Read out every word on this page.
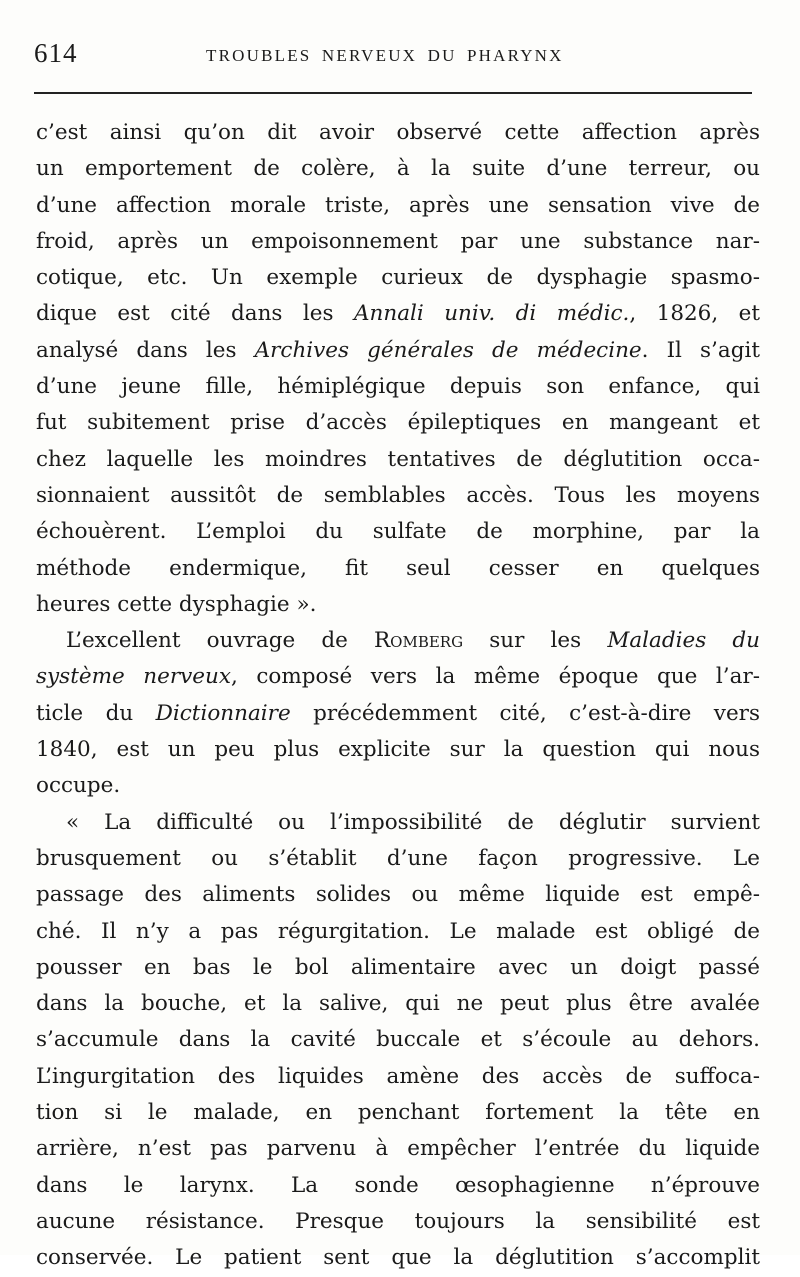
614	TROUBLES NERVEUX DU PHARYNX
c’est ainsi qu’on dit avoir observé cette affection après
un emportement de colère, à la suite d’une terreur, ou
d’une affection morale triste, après une sensation vive de
froid, après un empoisonnement par une substance nar-
cotique, etc. Un exemple curieux de dysphagie spasmo-
dique est cité dans les Annali univ. di médic., 1826, et
analysé dans les Archives générales de médecine. Il s’agit
d’une jeune fille, hémiplégique depuis son enfance, qui
fut subitement prise d’accès épileptiques en mangeant et
chez laquelle les moindres tentatives de déglutition occa-
sionnaient aussitôt de semblables accès. Tous les moyens
échouèrent. L’emploi du sulfate de morphine, par la
méthode endermique, fit seul cesser en quelques
heures cette dysphagie ».
L’excellent ouvrage de Romberg sur les Maladies du
système nerveux, composé vers la même époque que l’ar-
ticle du Dictionnaire précédemment cité, c’est-à-dire vers
1840, est un peu plus explicite sur la question qui nous
occupe.
« La difficulté ou l’impossibilité de déglutir survient
brusquement ou s’établit d’une façon progressive. Le
passage des aliments solides ou même liquide est empê-
ché. Il n’y a pas régurgitation. Le malade est obligé de
pousser en bas le bol alimentaire avec un doigt passé
dans la bouche, et la salive, qui ne peut plus être avalée
s’accumule dans la cavité buccale et s’écoule au dehors.
L’ingurgitation des liquides amène des accès de suffoca-
tion si le malade, en penchant fortement la tête en
arrière, n’est pas parvenu à empêcher l’entrée du liquide
dans le larynx. La sonde œsophagienne n’éprouve
aucune résistance. Presque toujours la sensibilité est
conservée. Le patient sent que la déglutition s’accomplit
